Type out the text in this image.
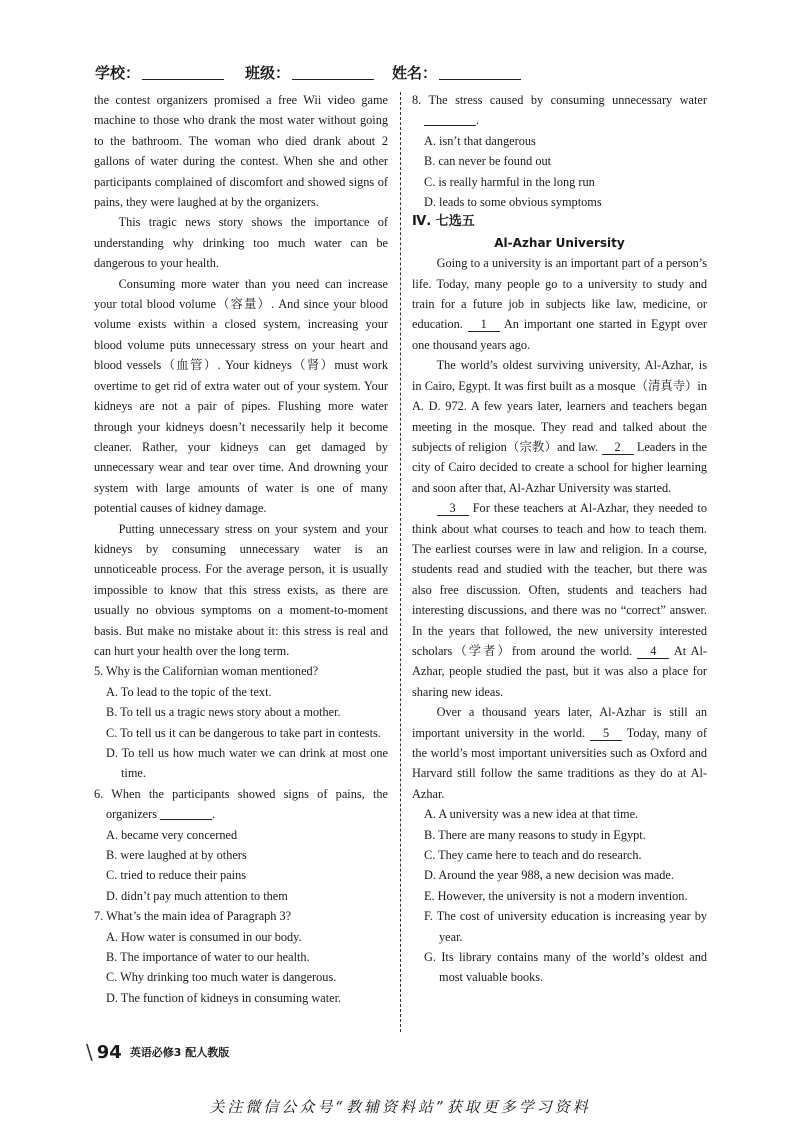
学校：	班级：	姓名：

the contest organizers promised a free Wii video game machine to those who drank the most water without going to the bathroom. The woman who died drank about 2 gallons of water during the contest. When she and other participants complained of discomfort and showed signs of pains, they were laughed at by the organizers.

This tragic news story shows the importance of understanding why drinking too much water can be dangerous to your health.

Consuming more water than you need can increase your total blood volume（容量）. And since your blood volume exists within a closed system, increasing your blood volume puts unnecessary stress on your heart and blood vessels（血管）. Your kidneys（肾）must work overtime to get rid of extra water out of your system. Your kidneys are not a pair of pipes. Flushing more water through your kidneys doesn’t necessarily help it become cleaner. Rather, your kidneys can get damaged by unnecessary wear and tear over time. And drowning your system with large amounts of water is one of many potential causes of kidney damage.

Putting unnecessary stress on your system and your kidneys by consuming unnecessary water is an unnoticeable process. For the average person, it is usually impossible to know that this stress exists, as there are usually no obvious symptoms on a moment-to-moment basis. But make no mistake about it: this stress is real and can hurt your health over the long term.

5. Why is the Californian woman mentioned?

A. To lead to the topic of the text.

B. To tell us a tragic news story about a mother.

C. To tell us it can be dangerous to take part in contests.

D. To tell us how much water we can drink at most one time.

6. When the participants showed signs of pains, the organizers	.

A. became very concerned

B. were laughed at by others

C. tried to reduce their pains

D. didn’t pay much attention to them

7. What’s the main idea of Paragraph 3?

A. How water is consumed in our body.

B. The importance of water to our health.

C. Why drinking too much water is dangerous.

D. The function of kidneys in consuming water.

8. The stress caused by consuming unnecessary water .

A. isn’t that dangerous

B. can never be found out

C. is really harmful in the long run

D. leads to some obvious symptoms

Ⅳ. 七选五

Al-Azhar University

Going to a university is an important part of a person’s life. Today, many people go to a university to study and train for a future job in subjects like law, medicine, or education. 1 An important one started in Egypt over one thousand years ago.

The world’s oldest surviving university, Al-Azhar, is in Cairo, Egypt. It was first built as a mosque（清真寺）in A. D. 972. A few years later, learners and teachers began meeting in the mosque. They read and talked about the subjects of religion（宗教）and law. 2 Leaders in the city of Cairo decided to create a school for higher learning and soon after that, Al-Azhar University was started.

3 For these teachers at Al-Azhar, they needed to think about what courses to teach and how to teach them. The earliest courses were in law and religion. In a course, students read and studied with the teacher, but there was also free discussion. Often, students and teachers had interesting discussions, and there was no “correct” answer. In the years that followed, the new university interested scholars（学者）from around the world. 4 At Al-Azhar, people studied the past, but it was also a place for sharing new ideas.

Over a thousand years later, Al-Azhar is still an important university in the world. 5 Today, many of the world’s most important universities such as Oxford and Harvard still follow the same traditions as they do at Al-Azhar.

A. A university was a new idea at that time.

B. There are many reasons to study in Egypt.

C. They came here to teach and do research.

D. Around the year 988, a new decision was made.

E. However, the university is not a modern invention.

F. The cost of university education is increasing year by year.

G. Its library contains many of the world’s oldest and most valuable books.

\ 94 英语必修3 配人教版
关注微信公众号“教辅资料站”获取更多学习资料
